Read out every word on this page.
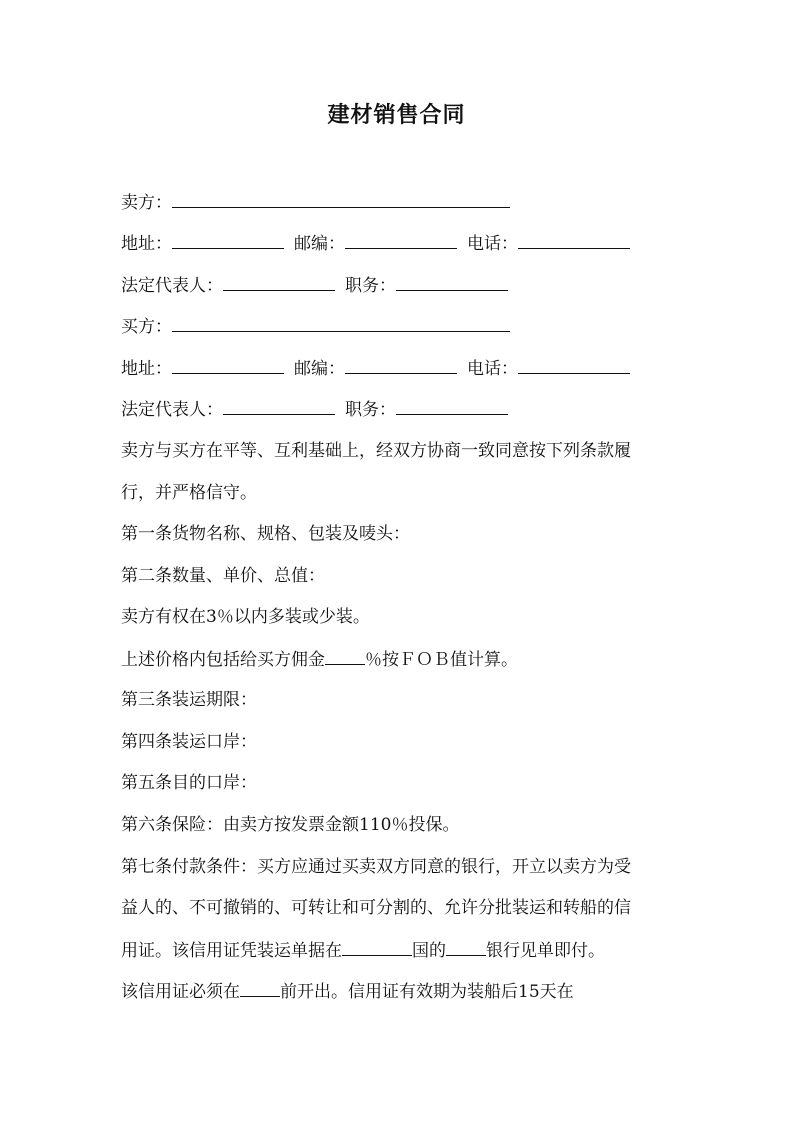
建材销售合同
卖方：
地址：	邮编：	电话：
法定代表人：	职务：
买方：
地址：	邮编：	电话：
法定代表人：	职务：
卖方与买方在平等、互利基础上，经双方协商一致同意按下列条款履
行，并严格信守。
第一条货物名称、规格、包装及唛头：
第二条数量、单价、总值：
卖方有权在3％以内多装或少装。
上述价格内包括给买方佣金 ％按ＦＯＢ值计算。
第三条装运期限：
第四条装运口岸：
第五条目的口岸：
第六条保险：由卖方按发票金额110％投保。
第七条付款条件：买方应通过买卖双方同意的银行，开立以卖方为受
益人的、不可撤销的、可转让和可分割的、允许分批装运和转船的信
用证。该信用证凭装运单据在	国的 银行见单即付。
该信用证必须在 前开出。信用证有效期为装船后15天在
